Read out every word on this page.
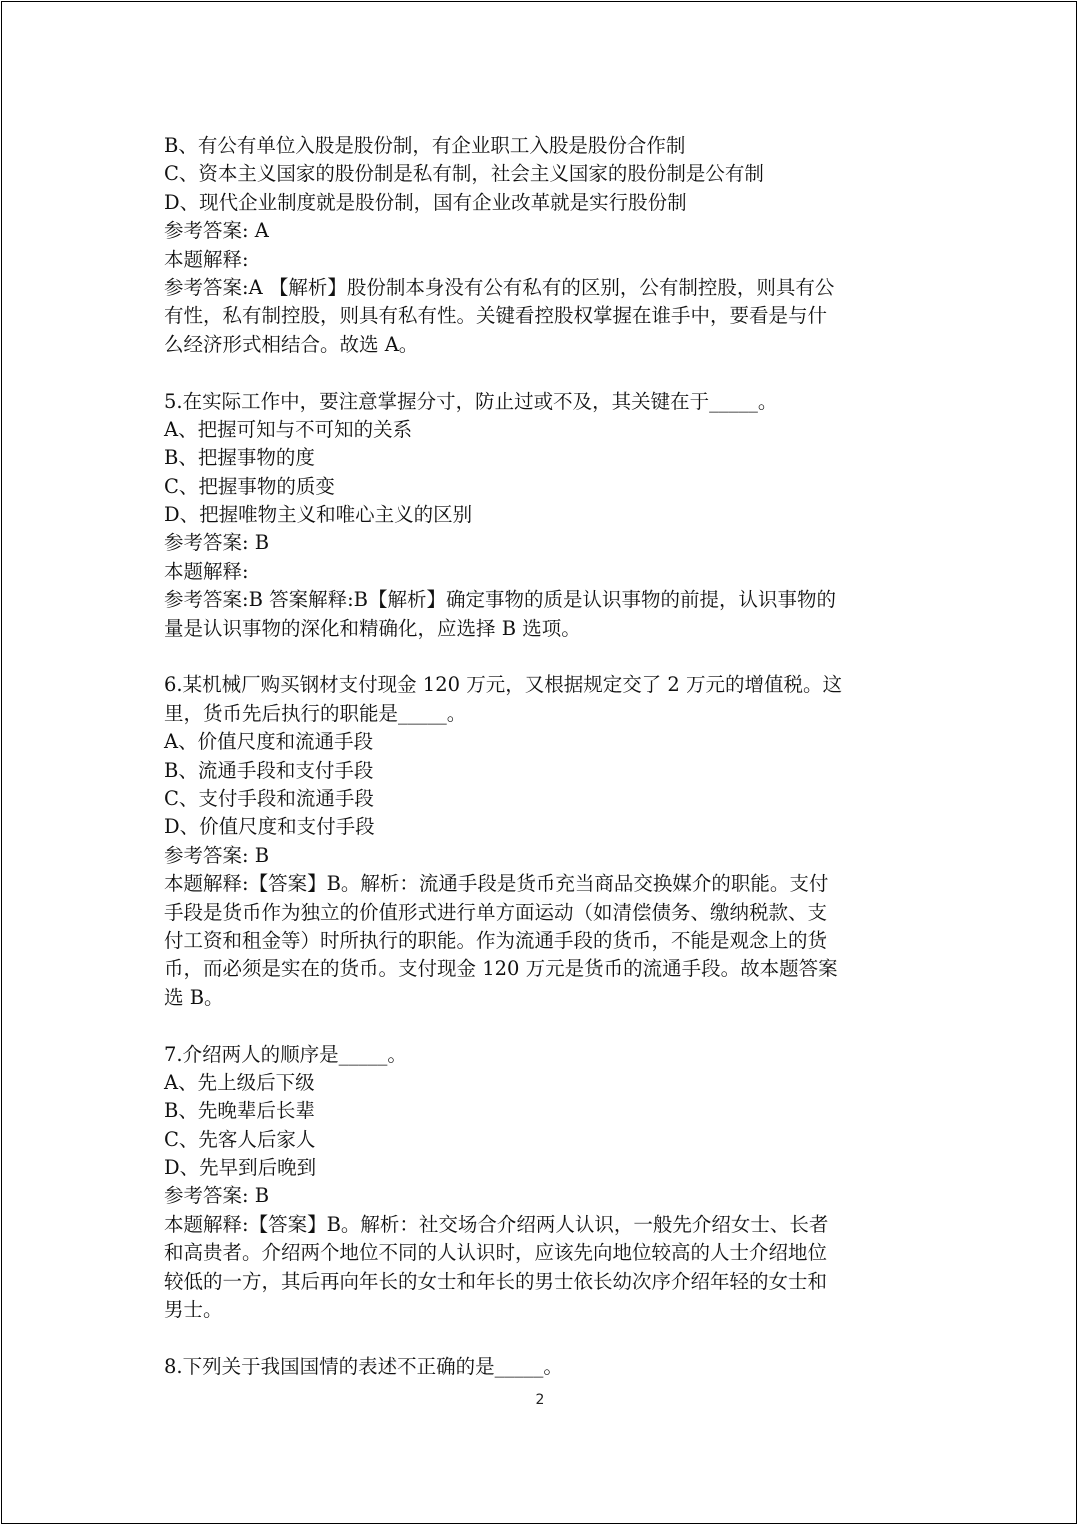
B、有公有单位入股是股份制，有企业职工入股是股份合作制
C、资本主义国家的股份制是私有制，社会主义国家的股份制是公有制
D、现代企业制度就是股份制，国有企业改革就是实行股份制
参考答案: A
本题解释:
参考答案:A 【解析】股份制本身没有公有私有的区别，公有制控股，则具有公
有性，私有制控股，则具有私有性。关键看控股权掌握在谁手中，要看是与什
么经济形式相结合。故选 A。
5.在实际工作中，要注意掌握分寸，防止过或不及，其关键在于_____。
A、把握可知与不可知的关系
B、把握事物的度
C、把握事物的质变
D、把握唯物主义和唯心主义的区别
参考答案: B
本题解释:
参考答案:B 答案解释:B【解析】确定事物的质是认识事物的前提，认识事物的
量是认识事物的深化和精确化，应选择 B 选项。
6.某机械厂购买钢材支付现金 120 万元，又根据规定交了 2 万元的增值税。这
里，货币先后执行的职能是_____。
A、价值尺度和流通手段
B、流通手段和支付手段
C、支付手段和流通手段
D、价值尺度和支付手段
参考答案: B
本题解释:【答案】B。解析：流通手段是货币充当商品交换媒介的职能。支付
手段是货币作为独立的价值形式进行单方面运动（如清偿债务、缴纳税款、支
付工资和租金等）时所执行的职能。作为流通手段的货币，不能是观念上的货
币，而必须是实在的货币。支付现金 120 万元是货币的流通手段。故本题答案
选 B。
7.介绍两人的顺序是_____。
A、先上级后下级
B、先晚辈后长辈
C、先客人后家人
D、先早到后晚到
参考答案: B
本题解释:【答案】B。解析：社交场合介绍两人认识，一般先介绍女士、长者
和高贵者。介绍两个地位不同的人认识时，应该先向地位较高的人士介绍地位
较低的一方，其后再向年长的女士和年长的男士依长幼次序介绍年轻的女士和
男士。
8.下列关于我国国情的表述不正确的是_____。
2
